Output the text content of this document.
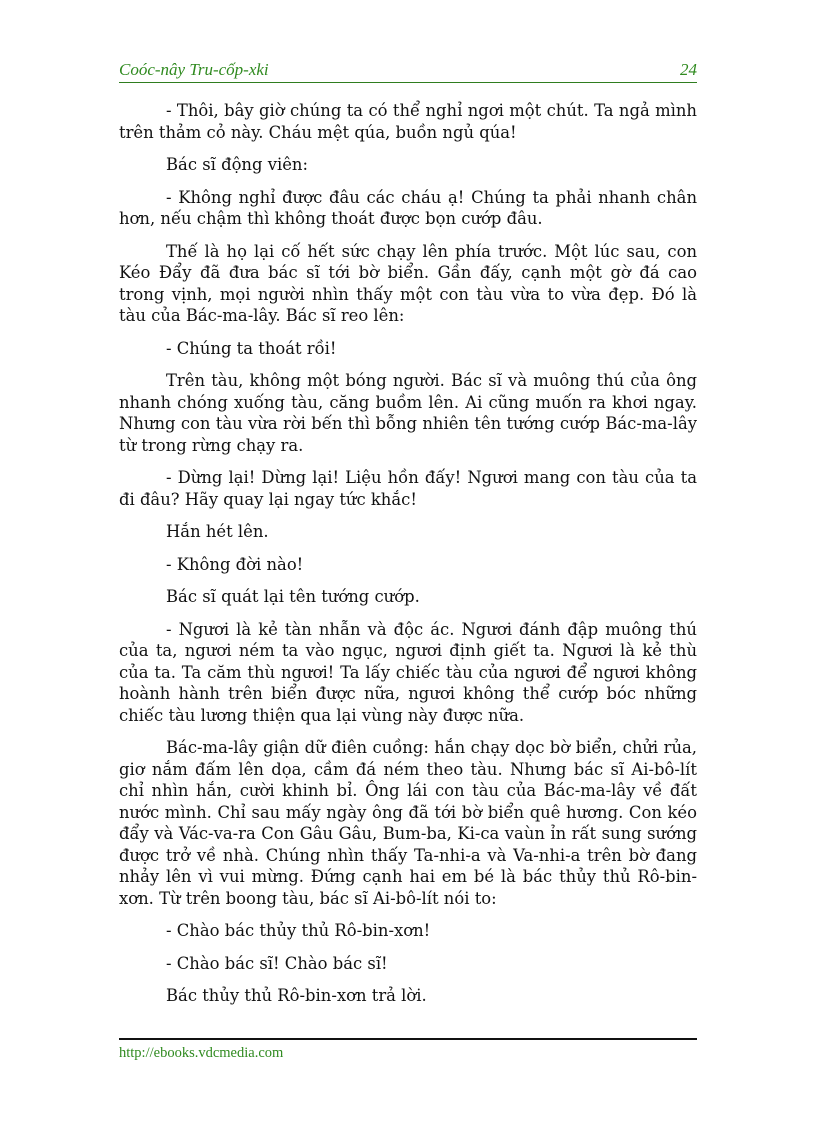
Coóc-nây Tru-cốp-xki	24

- Thôi, bây giờ chúng ta có thể nghỉ ngơi một chút. Ta ngả mình trên thảm cỏ này. Cháu mệt qúa, buồn ngủ qúa!

Bác sĩ động viên:

- Không nghỉ được đâu các cháu ạ! Chúng ta phải nhanh chân hơn, nếu chậm thì không thoát được bọn cướp đâu.

Thế là họ lại cố hết sức chạy lên phía trước. Một lúc sau, con Kéo Đẩy đã đưa bác sĩ tới bờ biển. Gần đấy, cạnh một gờ đá cao trong vịnh, mọi người nhìn thấy một con tàu vừa to vừa đẹp. Đó là tàu của Bác-ma-lây. Bác sĩ reo lên:

- Chúng ta thoát rồi!

Trên tàu, không một bóng người. Bác sĩ và muông thú của ông nhanh chóng xuống tàu, căng buồm lên. Ai cũng muốn ra khơi ngay. Nhưng con tàu vừa rời bến thì bỗng nhiên tên tướng cướp Bác-ma-lây từ trong rừng chạy ra.

- Dừng lại! Dừng lại! Liệu hồn đấy! Ngươi mang con tàu của ta đi đâu? Hãy quay lại ngay tức khắc!

Hắn hét lên.

- Không đời nào!

Bác sĩ quát lại tên tướng cướp.

- Ngươi là kẻ tàn nhẫn và độc ác. Ngươi đánh đập muông thú của ta, ngươi ném ta vào ngục, ngươi định giết ta. Ngươi là kẻ thù của ta. Ta căm thù ngươi! Ta lấy chiếc tàu của ngươi để ngươi không hoành hành trên biển được nữa, ngươi không thể cướp bóc những chiếc tàu lương thiện qua lại vùng này được nữa.

Bác-ma-lây giận dữ điên cuồng: hắn chạy dọc bờ biển, chửi rủa, giơ nắm đấm lên dọa, cầm đá ném theo tàu. Nhưng bác sĩ Ai-bô-lít chỉ nhìn hắn, cười khinh bỉ. Ông lái con tàu của Bác-ma-lây về đất nước mình. Chỉ sau mấy ngày ông đã tới bờ biển quê hương. Con kéo đẩy và Vác-va-ra Con Gâu Gâu, Bum-ba, Ki-ca vaùn ỉn rất sung sướng được trở về nhà. Chúng nhìn thấy Ta-nhi-a và Va-nhi-a trên bờ đang nhảy lên vì vui mừng. Đứng cạnh hai em bé là bác thủy thủ Rô-bin-xơn. Từ trên boong tàu, bác sĩ Ai-bô-lít nói to:

- Chào bác thủy thủ Rô-bin-xơn!

- Chào bác sĩ! Chào bác sĩ!

Bác thủy thủ Rô-bin-xơn trả lời.

http://ebooks.vdcmedia.com
